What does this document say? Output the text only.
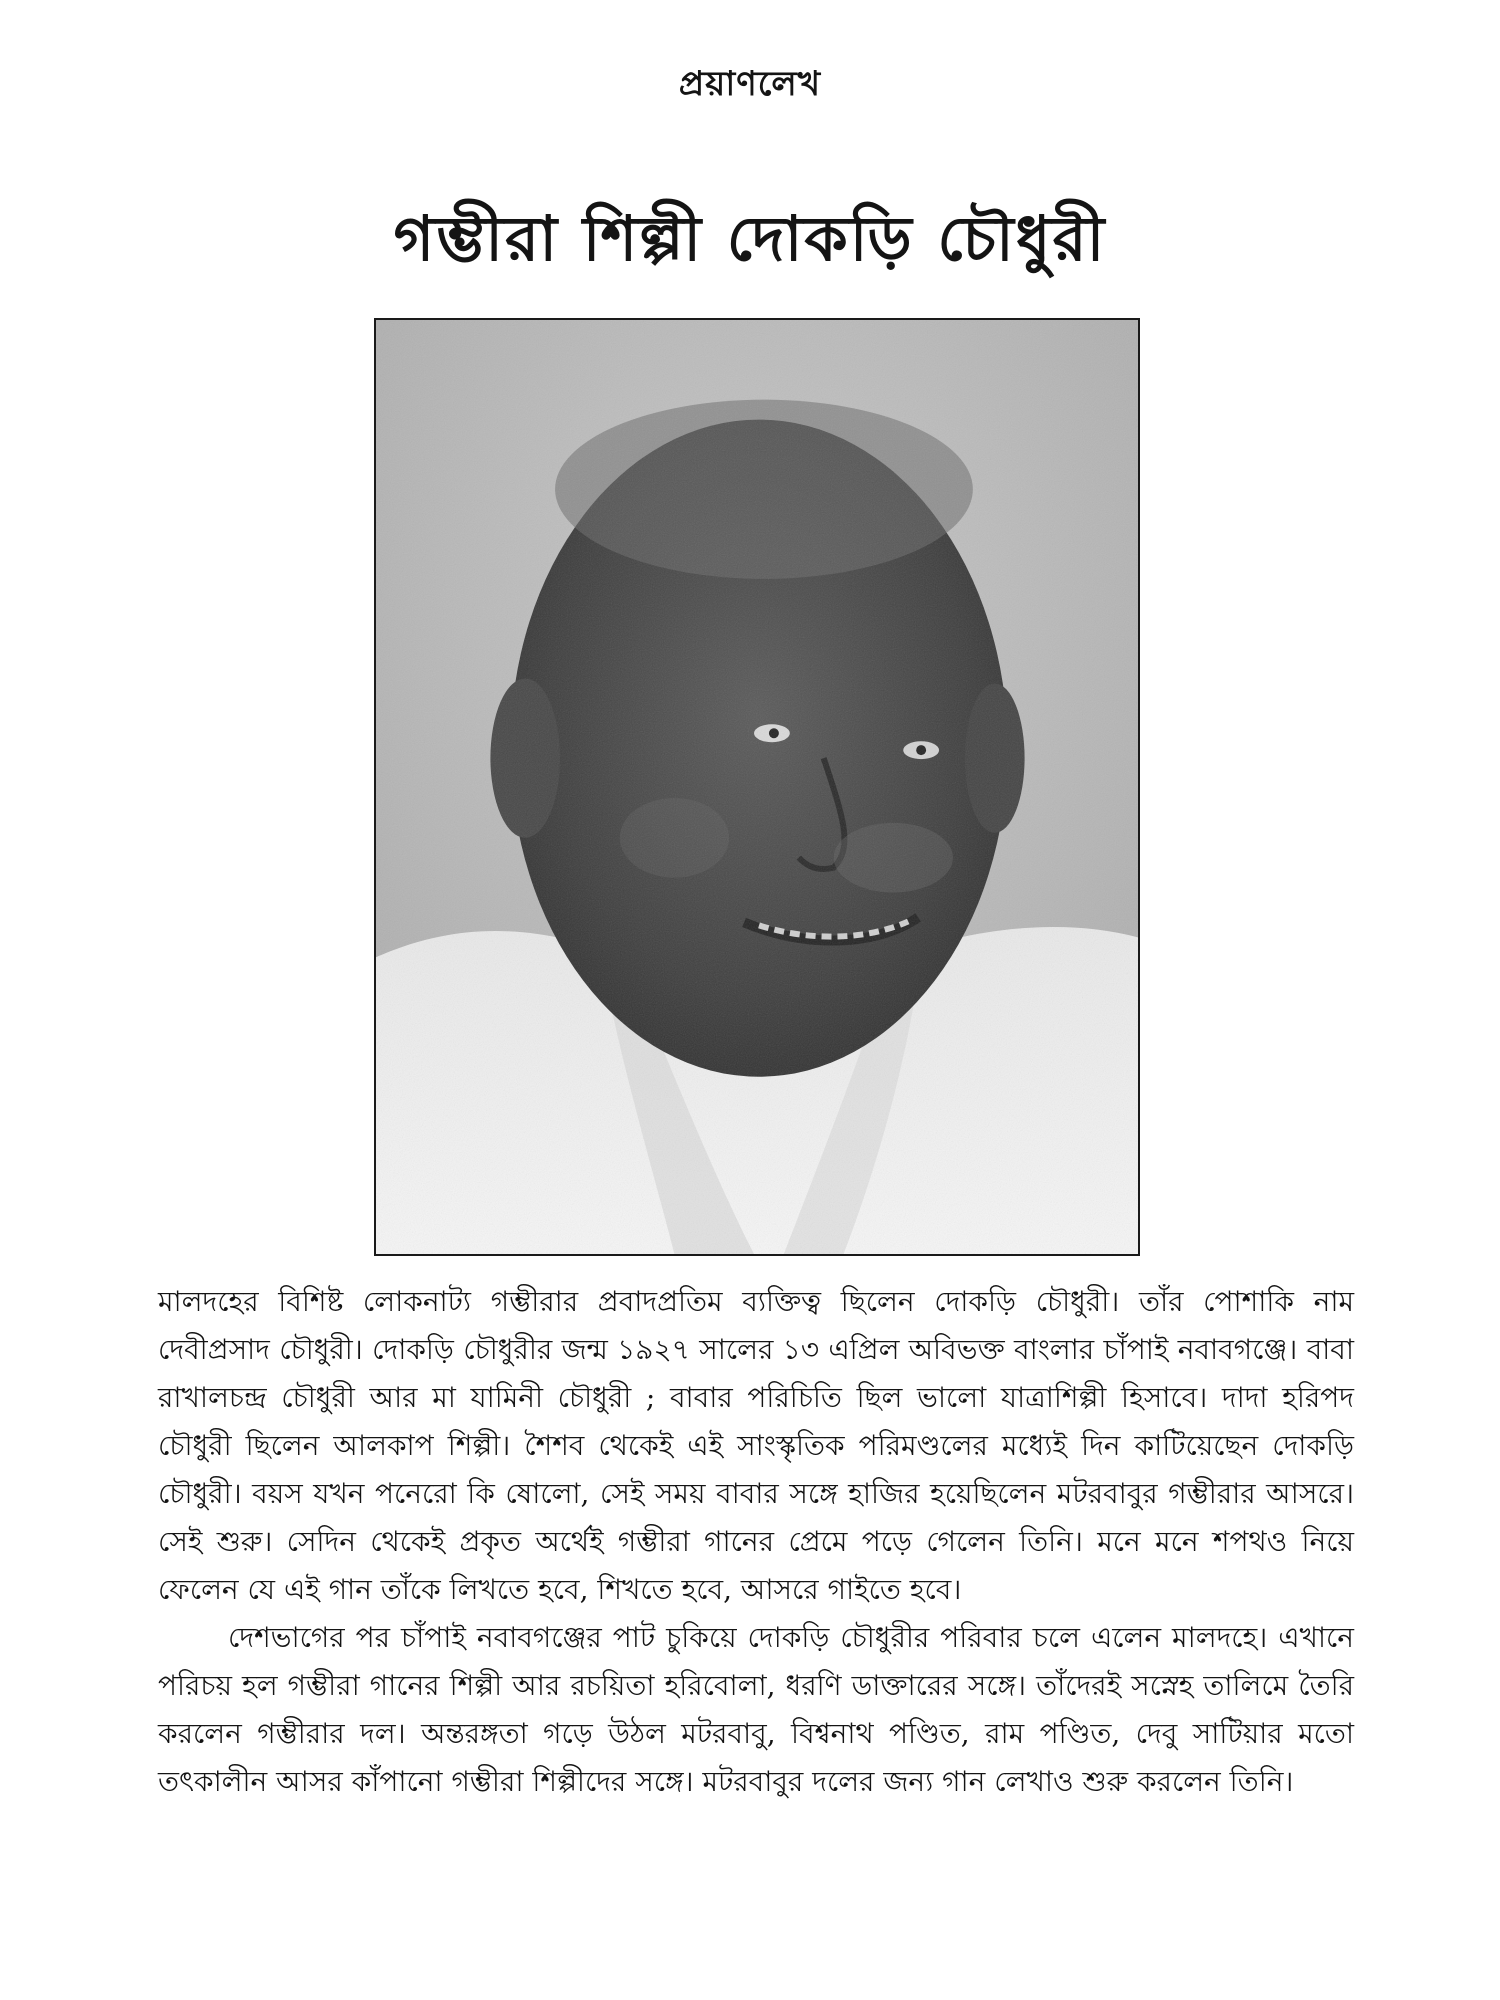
প্রয়াণলেখ
গম্ভীরা শিল্পী দোকড়ি চৌধুরী

মালদহের বিশিষ্ট লোকনাট্য গম্ভীরার প্রবাদপ্রতিম ব্যক্তিত্ব ছিলেন দোকড়ি চৌধুরী। তাঁর পোশাকি নাম দেবীপ্রসাদ চৌধুরী। দোকড়ি চৌধুরীর জন্ম ১৯২৭ সালের ১৩ এপ্রিল অবিভক্ত বাংলার চাঁপাই নবাবগঞ্জে। বাবা রাখালচন্দ্র চৌধুরী আর মা যামিনী চৌধুরী ; বাবার পরিচিতি ছিল ভালো যাত্রাশিল্পী হিসাবে। দাদা হরিপদ চৌধুরী ছিলেন আলকাপ শিল্পী। শৈশব থেকেই এই সাংস্কৃতিক পরিমণ্ডলের মধ্যেই দিন কাটিয়েছেন দোকড়ি চৌধুরী। বয়স যখন পনেরো কি ষোলো, সেই সময় বাবার সঙ্গে হাজির হয়েছিলেন মটরবাবুর গম্ভীরার আসরে। সেই শুরু। সেদিন থেকেই প্রকৃত অর্থেই গম্ভীরা গানের প্রেমে পড়ে গেলেন তিনি। মনে মনে শপথও নিয়ে ফেলেন যে এই গান তাঁকে লিখতে হবে, শিখতে হবে, আসরে গাইতে হবে।

দেশভাগের পর চাঁপাই নবাবগঞ্জের পাট চুকিয়ে দোকড়ি চৌধুরীর পরিবার চলে এলেন মালদহে। এখানে পরিচয় হল গম্ভীরা গানের শিল্পী আর রচয়িতা হরিবোলা, ধরণি ডাক্তারের সঙ্গে। তাঁদেরই সস্নেহ তালিমে তৈরি করলেন গম্ভীরার দল। অন্তরঙ্গতা গড়ে উঠল মটরবাবু, বিশ্বনাথ পণ্ডিত, রাম পণ্ডিত, দেবু সাটিয়ার মতো তৎকালীন আসর কাঁপানো গম্ভীরা শিল্পীদের সঙ্গে। মটরবাবুর দলের জন্য গান লেখাও শুরু করলেন তিনি।
